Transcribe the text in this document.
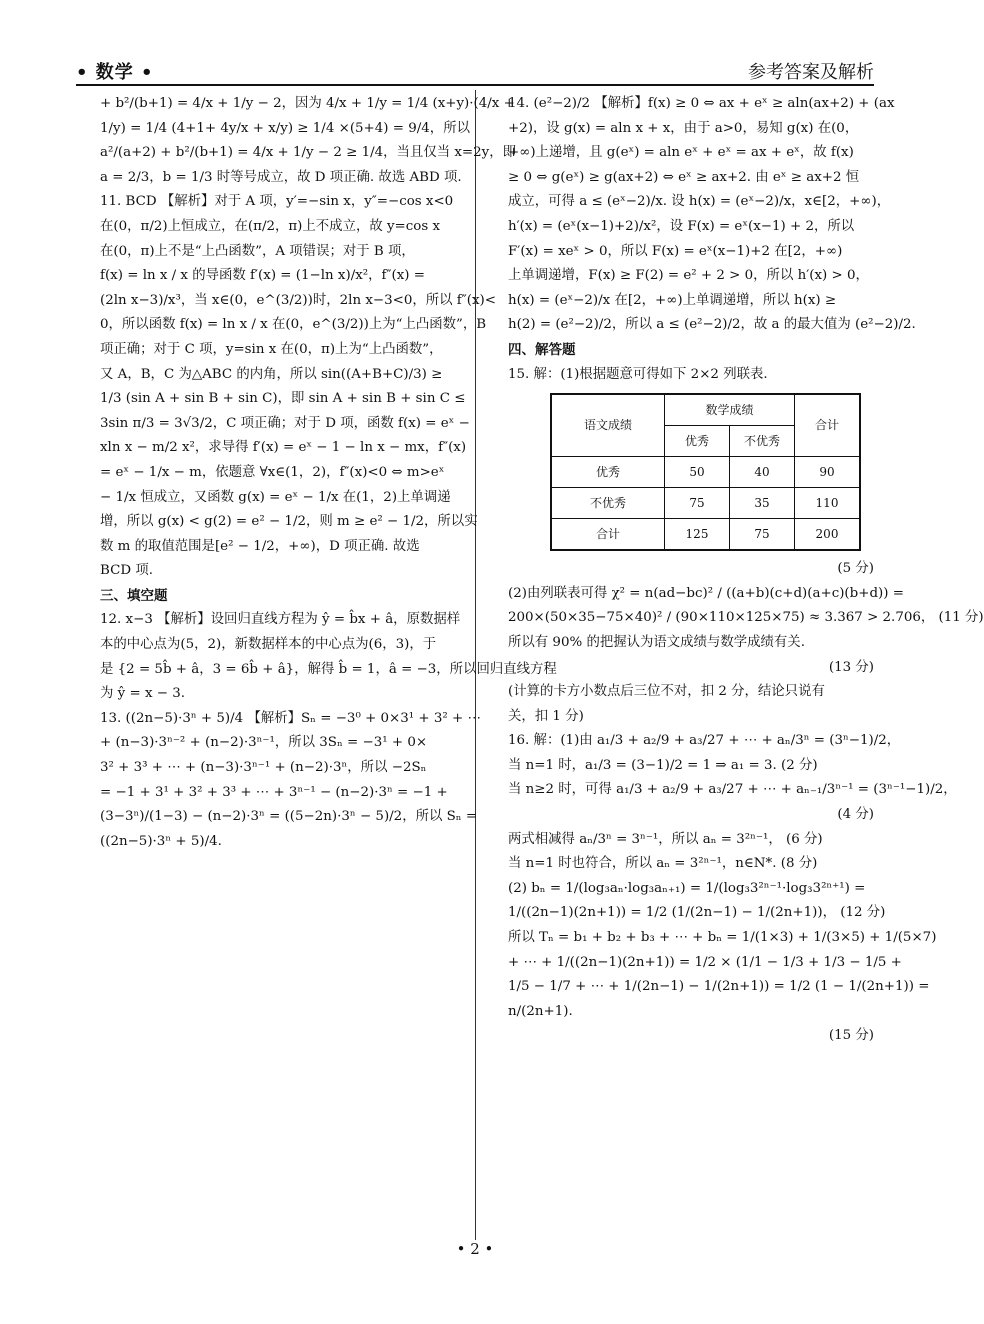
• 数学 •	参考答案及解析

+ b²/(b+1) = 4/x + 1/y − 2，因为 4/x + 1/y = 1/4 (x+y)·(4/x +

1/y) = 1/4 (4+1+ 4y/x + x/y) ≥ 1/4 ×(5+4) = 9/4，所以

a²/(a+2) + b²/(b+1) = 4/x + 1/y − 2 ≥ 1/4，当且仅当 x=2y，即

a = 2/3，b = 1/3 时等号成立，故 D 项正确. 故选 ABD 项.

11. BCD 【解析】对于 A 项，y′=−sin x，y″=−cos x<0

在(0，π/2)上恒成立，在(π/2，π)上不成立，故 y=cos x

在(0，π)上不是“上凸函数”，A 项错误；对于 B 项，

f(x) = ln x / x 的导函数 f′(x) = (1−ln x)/x²，f″(x) =

(2ln x−3)/x³，当 x∈(0，e^(3/2))时，2ln x−3<0，所以 f″(x)<

0，所以函数 f(x) = ln x / x 在(0，e^(3/2))上为“上凸函数”，B

项正确；对于 C 项，y=sin x 在(0，π)上为“上凸函数”，

又 A，B，C 为△ABC 的内角，所以 sin((A+B+C)/3) ≥

1/3 (sin A + sin B + sin C)，即 sin A + sin B + sin C ≤

3sin π/3 = 3√3/2，C 项正确；对于 D 项，函数 f(x) = eˣ −

xln x − m/2 x²，求导得 f′(x) = eˣ − 1 − ln x − mx，f″(x)

= eˣ − 1/x − m，依题意 ∀x∈(1，2)，f″(x)<0 ⇔ m>eˣ

− 1/x 恒成立，又函数 g(x) = eˣ − 1/x 在(1，2)上单调递

增，所以 g(x) < g(2) = e² − 1/2，则 m ≥ e² − 1/2，所以实

数 m 的取值范围是[e² − 1/2，+∞)，D 项正确. 故选

BCD 项.

三、填空题

12. x−3 【解析】设回归直线方程为 ŷ = b̂x + â，原数据样

本的中心点为(5，2)，新数据样本的中心点为(6，3)，于

是 {2 = 5b̂ + â，3 = 6b̂ + â}，解得 b̂ = 1，â = −3，所以回归直线方程

为 ŷ = x − 3.

13. ((2n−5)·3ⁿ + 5)/4 【解析】Sₙ = −3⁰ + 0×3¹ + 3² + ⋯

+ (n−3)·3ⁿ⁻² + (n−2)·3ⁿ⁻¹，所以 3Sₙ = −3¹ + 0×

3² + 3³ + ⋯ + (n−3)·3ⁿ⁻¹ + (n−2)·3ⁿ，所以 −2Sₙ

= −1 + 3¹ + 3² + 3³ + ⋯ + 3ⁿ⁻¹ − (n−2)·3ⁿ = −1 +

(3−3ⁿ)/(1−3) − (n−2)·3ⁿ = ((5−2n)·3ⁿ − 5)/2，所以 Sₙ =

((2n−5)·3ⁿ + 5)/4.

14. (e²−2)/2 【解析】f(x) ≥ 0 ⇔ ax + eˣ ≥ aln(ax+2) + (ax

+2)，设 g(x) = aln x + x，由于 a>0，易知 g(x) 在(0，

+∞)上递增，且 g(eˣ) = aln eˣ + eˣ = ax + eˣ，故 f(x)

≥ 0 ⇔ g(eˣ) ≥ g(ax+2) ⇔ eˣ ≥ ax+2. 由 eˣ ≥ ax+2 恒

成立，可得 a ≤ (eˣ−2)/x. 设 h(x) = (eˣ−2)/x，x∈[2，+∞)，

h′(x) = (eˣ(x−1)+2)/x²，设 F(x) = eˣ(x−1) + 2，所以

F′(x) = xeˣ > 0，所以 F(x) = eˣ(x−1)+2 在[2，+∞)

上单调递增，F(x) ≥ F(2) = e² + 2 > 0，所以 h′(x) > 0，

h(x) = (eˣ−2)/x 在[2，+∞)上单调递增，所以 h(x) ≥

h(2) = (e²−2)/2，所以 a ≤ (e²−2)/2，故 a 的最大值为 (e²−2)/2.

四、解答题

15. 解：(1)根据题意可得如下 2×2 列联表.

语文成绩	数学成绩		合计
	优秀	不优秀	
优秀	50	40	90
不优秀	75	35	110
合计	125	75	200

(5 分)

(2)由列联表可得 χ² = n(ad−bc)² / ((a+b)(c+d)(a+c)(b+d)) =

200×(50×35−75×40)² / (90×110×125×75) ≈ 3.367 > 2.706， (11 分)

所以有 90% 的把握认为语文成绩与数学成绩有关.

(13 分)

(计算的卡方小数点后三位不对，扣 2 分，结论只说有

关，扣 1 分)

16. 解：(1)由 a₁/3 + a₂/9 + a₃/27 + ⋯ + aₙ/3ⁿ = (3ⁿ−1)/2，

当 n=1 时，a₁/3 = (3−1)/2 = 1 ⇒ a₁ = 3. (2 分)

当 n≥2 时，可得 a₁/3 + a₂/9 + a₃/27 + ⋯ + aₙ₋₁/3ⁿ⁻¹ = (3ⁿ⁻¹−1)/2，

(4 分)

两式相减得 aₙ/3ⁿ = 3ⁿ⁻¹，所以 aₙ = 3²ⁿ⁻¹， (6 分)

当 n=1 时也符合，所以 aₙ = 3²ⁿ⁻¹，n∈N*. (8 分)

(2) bₙ = 1/(log₃aₙ·log₃aₙ₊₁) = 1/(log₃3²ⁿ⁻¹·log₃3²ⁿ⁺¹) =

1/((2n−1)(2n+1)) = 1/2 (1/(2n−1) − 1/(2n+1))， (12 分)

所以 Tₙ = b₁ + b₂ + b₃ + ⋯ + bₙ = 1/(1×3) + 1/(3×5) + 1/(5×7)

+ ⋯ + 1/((2n−1)(2n+1)) = 1/2 × (1/1 − 1/3 + 1/3 − 1/5 +

1/5 − 1/7 + ⋯ + 1/(2n−1) − 1/(2n+1)) = 1/2 (1 − 1/(2n+1)) =

n/(2n+1).

(15 分)

• 2 •
